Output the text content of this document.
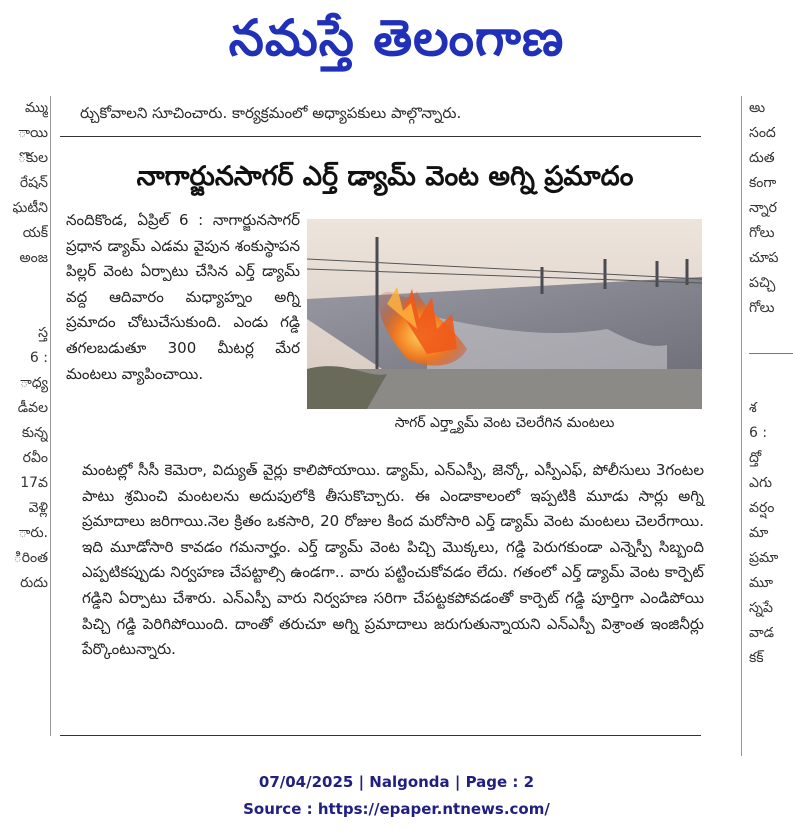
నమస్తే తెలంగాణ
మ్ము
ాయి
ొకుల
రేషన్
ఘటీని
యక్
అంజ

స్త
6 :
ాధ్య
డీవల
కున్న
రవీం
17వ
వెళ్లి
ారు.
ిరింత
రుదు
అు
సంద
దుత
కంగా
న్నార
గోలు
చూప
పచ్చి
గోలు

శ
6 :
ద్తో
ఎగు
వర్షం
మా
ప్రమా
మూ
స్నపే
వాడ
కక్
ర్చుకోవాలని సూచించారు. కార్యక్రమంలో అధ్యాపకులు పాల్గొన్నారు.
నాగార్జునసాగర్ ఎర్త్ డ్యామ్ వెంట అగ్ని ప్రమాదం
నందికొండ, ఏప్రిల్ 6 : నాగార్జునసాగర్ ప్రధాన డ్యామ్ ఎడమ వైపున శంకుస్థాపన పిల్లర్ వెంట ఏర్పాటు చేసిన ఎర్త్ డ్యామ్ వద్ద ఆదివారం మధ్యాహ్నం అగ్ని ప్రమాదం చోటుచేసుకుంది. ఎండు గడ్డి తగలబడుతూ 300 మీటర్ల మేర మంటలు వ్యాపించాయి.
సాగర్ ఎర్త్డ్యామ్ వెంట చెలరేగిన మంటలు
మంటల్లో సీసీ కెమెరా, విద్యుత్ వైర్లు కాలిపోయాయి. డ్యామ్, ఎన్ఎస్పీ, జెన్కో, ఎస్పీఎఫ్, పోలీసులు 3గంటల పాటు శ్రమించి మంటలను అదుపులోకి తీసుకొచ్చారు. ఈ ఎండాకాలంలో ఇప్పటికి మూడు సార్లు అగ్ని ప్రమాదాలు జరిగాయి.నెల క్రితం ఒకసారి, 20 రోజుల కింద మరోసారి ఎర్త్ డ్యామ్ వెంట మంటలు చెలరేగాయి. ఇది మూడోసారి కావడం గమనార్హం. ఎర్త్ డ్యామ్ వెంట పిచ్చి మొక్కలు, గడ్డి పెరుగకుండా ఎన్నెస్పీ సిబ్బంది ఎప్పటికప్పుడు నిర్వహణ చేపట్టాల్సి ఉండగా.. వారు పట్టించుకోవడం లేదు. గతంలో ఎర్త్ డ్యామ్ వెంట కార్పెట్ గడ్డిని ఏర్పాటు చేశారు. ఎన్ఎస్పీ వారు నిర్వహణ సరిగా చేపట్టకపోవడంతో కార్పెట్ గడ్డి పూర్తిగా ఎండిపోయి పిచ్చి గడ్డి పెరిగిపోయింది. దాంతో తరుచూ అగ్ని ప్రమాదాలు జరుగుతున్నాయని ఎన్ఎస్పీ విశ్రాంత ఇంజినీర్లు పేర్కొంటున్నారు.
07/04/2025 | Nalgonda | Page : 2
Source : https://epaper.ntnews.com/
